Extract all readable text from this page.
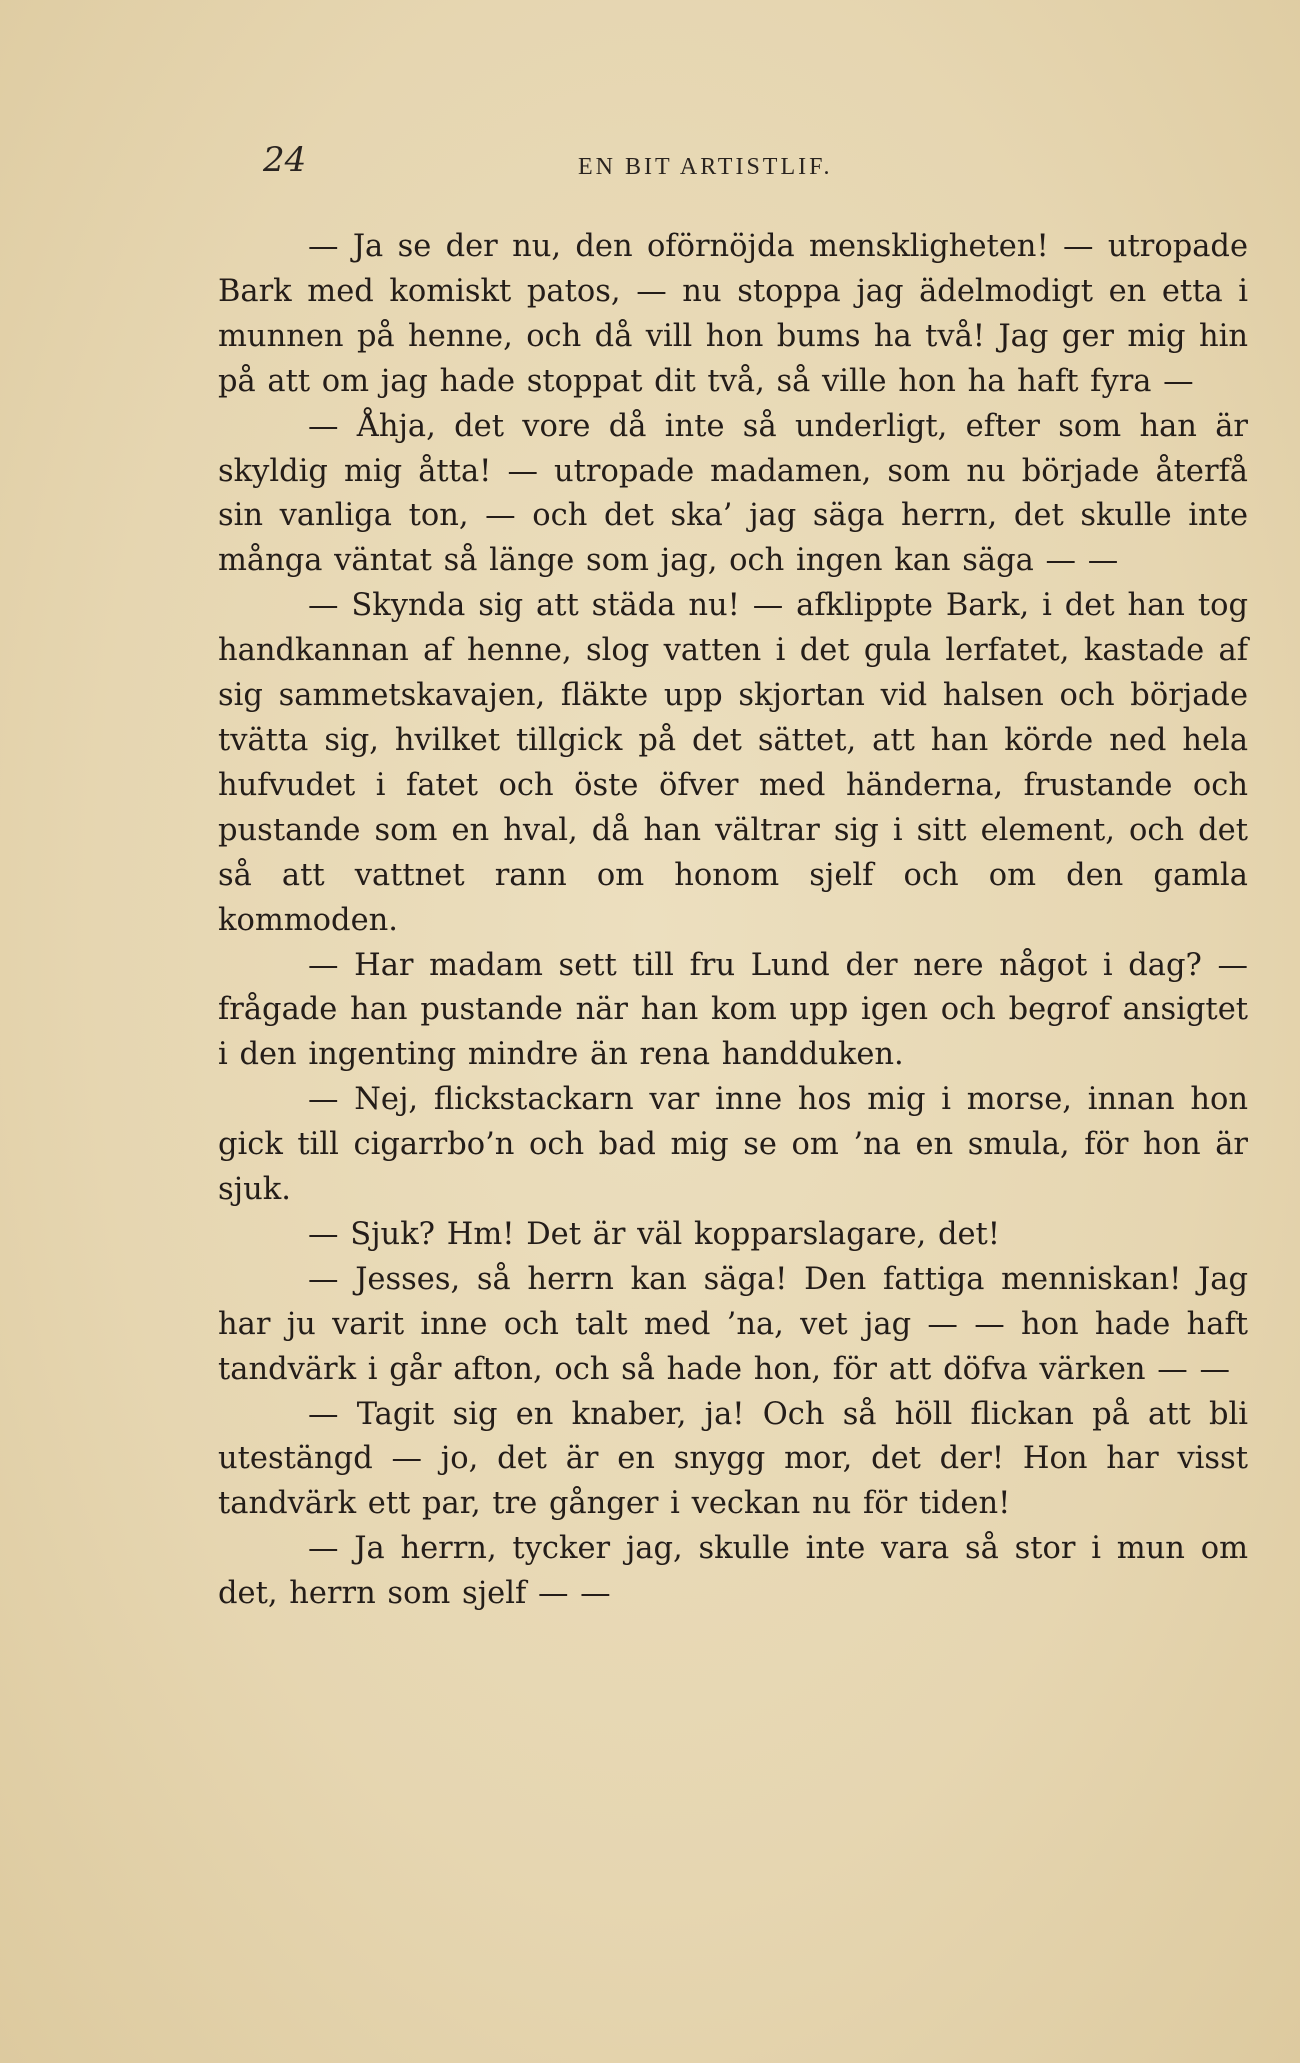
24	EN BIT ARTISTLIF.

— Ja se der nu, den oförnöjda menskligheten! — utropade Bark med komiskt patos, — nu stoppa jag ädelmodigt en etta i munnen på henne, och då vill hon bums ha två! Jag ger mig hin på att om jag hade stoppat dit två, så ville hon ha haft fyra —

— Åhja, det vore då inte så underligt, efter som han är skyldig mig åtta! — utropade madamen, som nu började återfå sin vanliga ton, — och det ska’ jag säga herrn, det skulle inte många väntat så länge som jag, och ingen kan säga — —

— Skynda sig att städa nu! — afklippte Bark, i det han tog handkannan af henne, slog vatten i det gula lerfatet, kastade af sig sammetskavajen, fläkte upp skjortan vid halsen och började tvätta sig, hvilket tillgick på det sättet, att han körde ned hela hufvudet i fatet och öste öfver med händerna, frustande och pustande som en hval, då han vältrar sig i sitt element, och det så att vattnet rann om honom sjelf och om den gamla kommoden.

— Har madam sett till fru Lund der nere något i dag? — frågade han pustande när han kom upp igen och begrof ansigtet i den ingenting mindre än rena handduken.

— Nej, flickstackarn var inne hos mig i morse, innan hon gick till cigarrbo’n och bad mig se om ’na en smula, för hon är sjuk.

— Sjuk? Hm! Det är väl kopparslagare, det!

— Jesses, så herrn kan säga! Den fattiga menniskan! Jag har ju varit inne och talt med ’na, vet jag — — hon hade haft tandvärk i går afton, och så hade hon, för att döfva värken — —

— Tagit sig en knaber, ja! Och så höll flickan på att bli utestängd — jo, det är en snygg mor, det der! Hon har visst tandvärk ett par, tre gånger i veckan nu för tiden!

— Ja herrn, tycker jag, skulle inte vara så stor i mun om det, herrn som sjelf — —
